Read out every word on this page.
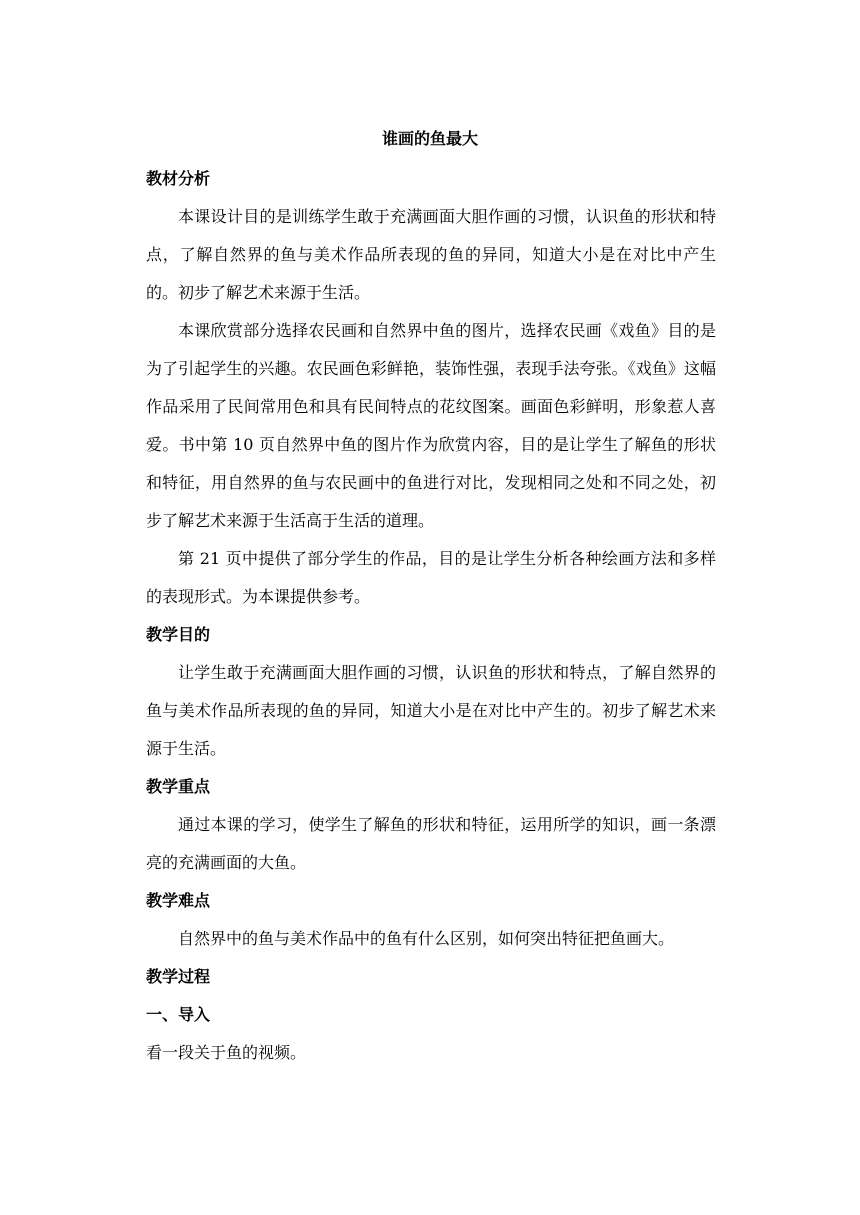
谁画的鱼最大

教材分析

本课设计目的是训练学生敢于充满画面大胆作画的习惯，认识鱼的形状和特点，了解自然界的鱼与美术作品所表现的鱼的异同，知道大小是在对比中产生的。初步了解艺术来源于生活。

本课欣赏部分选择农民画和自然界中鱼的图片，选择农民画《戏鱼》目的是为了引起学生的兴趣。农民画色彩鲜艳，装饰性强，表现手法夸张。《戏鱼》这幅作品采用了民间常用色和具有民间特点的花纹图案。画面色彩鲜明，形象惹人喜爱。书中第 10 页自然界中鱼的图片作为欣赏内容，目的是让学生了解鱼的形状和特征，用自然界的鱼与农民画中的鱼进行对比，发现相同之处和不同之处，初步了解艺术来源于生活高于生活的道理。

第 21 页中提供了部分学生的作品，目的是让学生分析各种绘画方法和多样的表现形式。为本课提供参考。

教学目的

让学生敢于充满画面大胆作画的习惯，认识鱼的形状和特点，了解自然界的鱼与美术作品所表现的鱼的异同，知道大小是在对比中产生的。初步了解艺术来源于生活。

教学重点

通过本课的学习，使学生了解鱼的形状和特征，运用所学的知识，画一条漂亮的充满画面的大鱼。

教学难点

自然界中的鱼与美术作品中的鱼有什么区别，如何突出特征把鱼画大。

教学过程

一、导入

看一段关于鱼的视频。
